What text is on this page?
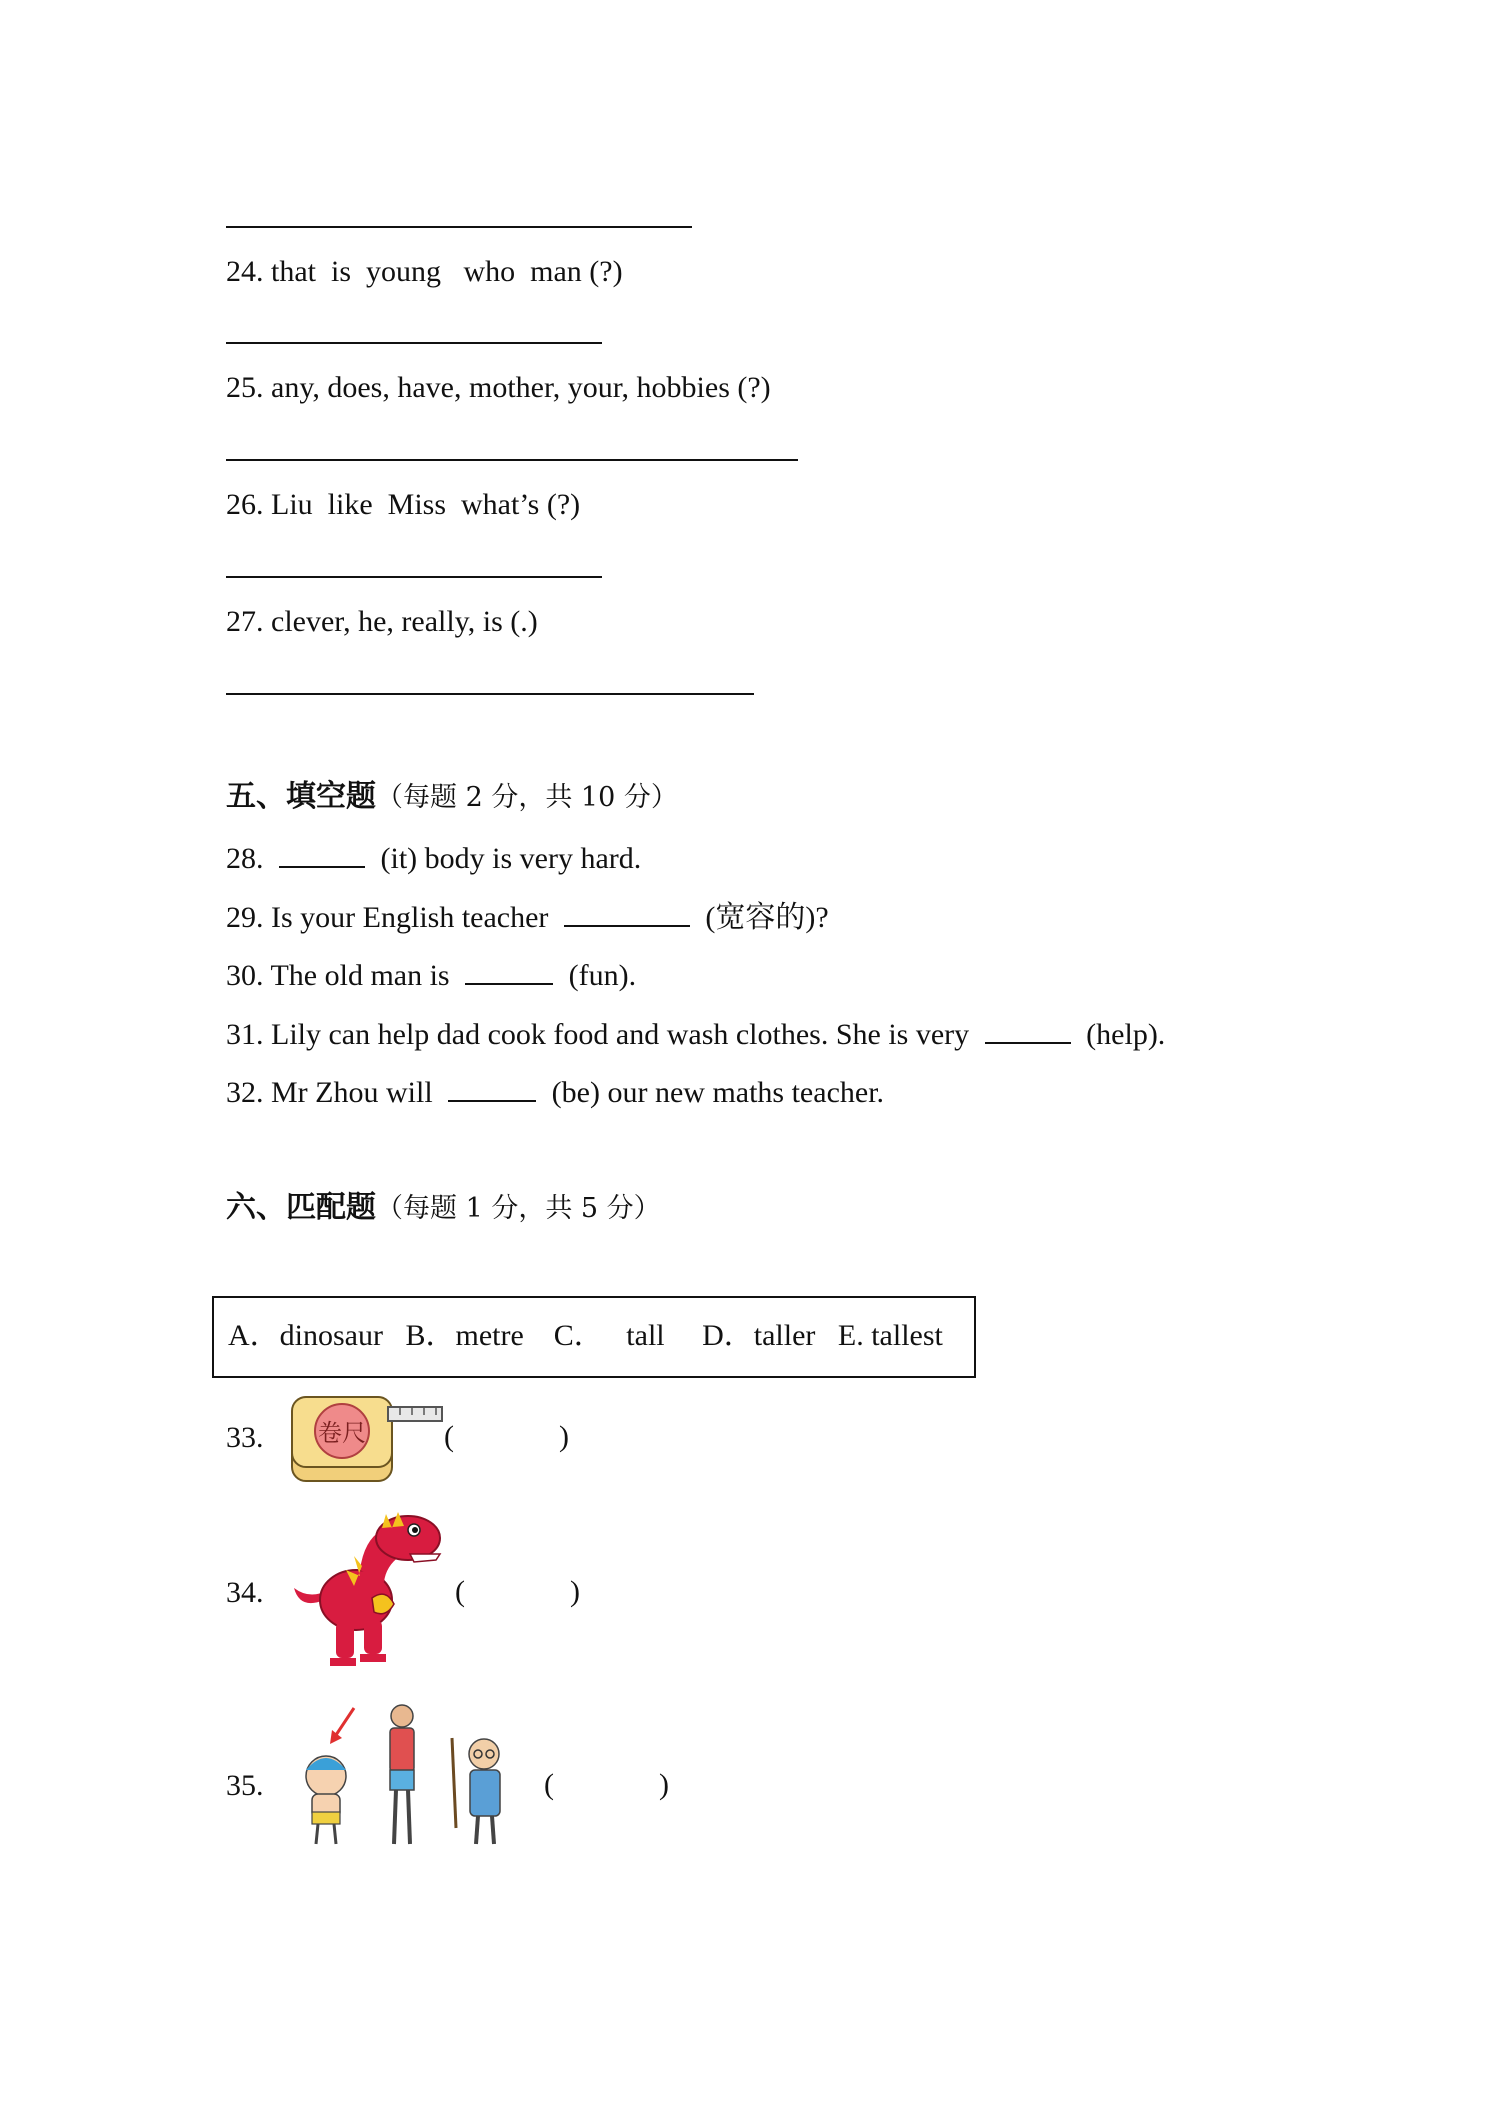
24. that  is  young   who  man (?)
25. any, does, have, mother, your, hobbies (?)
26. Liu  like  Miss  what’s (?)
27. clever, he, really, is (.)
五、填空题（每题 2 分，共 10 分）
28.	(it) body is very hard.
29. Is your English teacher	(宽容的)?
30. The old man is	(fun).
31. Lily can help dad cook food and wash clothes. She is very	(help).
32. Mr Zhou will	(be) our new maths teacher.
六、匹配题（每题 1 分，共 5 分）
A．dinosaur   B．metre    C．   tall     D．taller   E. tallest
33. 卷尺	(              )
34.	(              )
35.	(              )
